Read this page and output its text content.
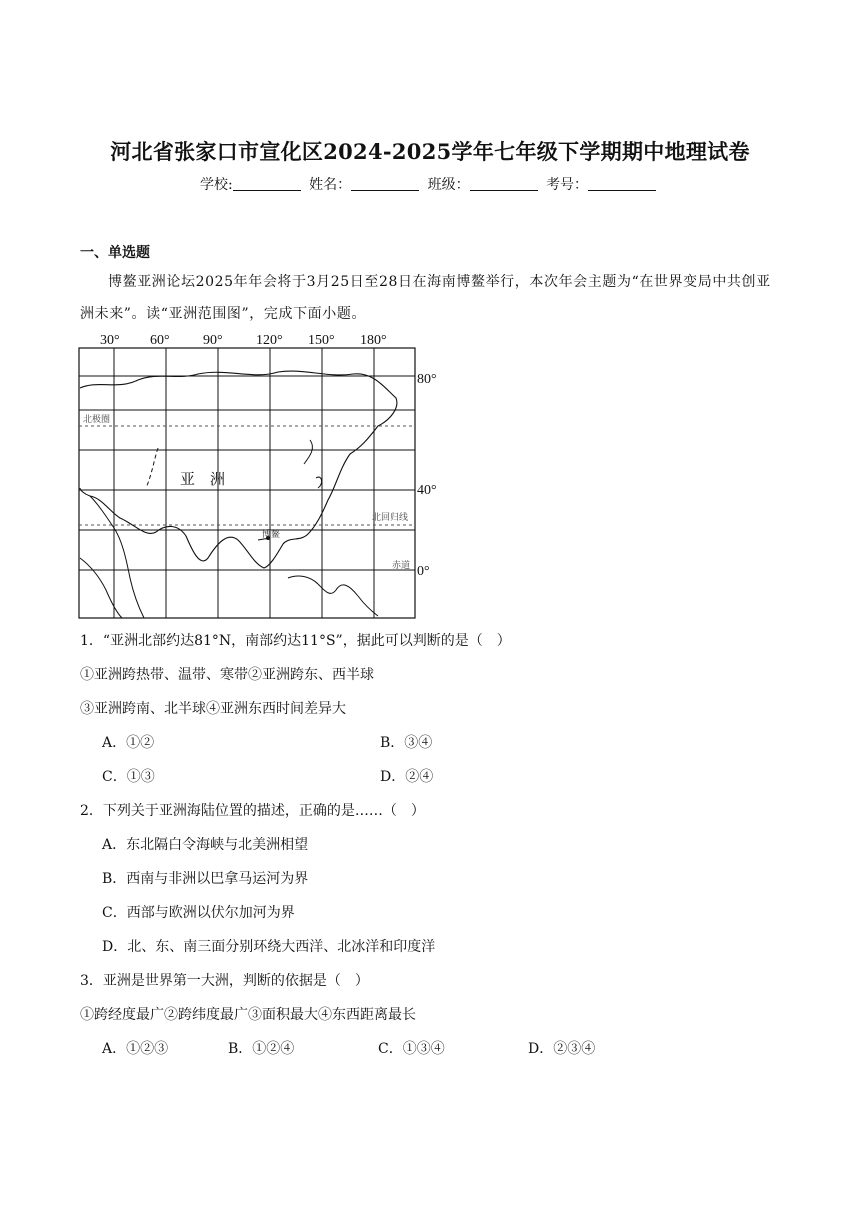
河北省张家口市宣化区2024-2025学年七年级下学期期中地理试卷
学校:	姓名：	班级：	考号：
一、单选题
博鳌亚洲论坛2025年年会将于3月25日至28日在海南博鳌举行，本次年会主题为“在世界变局中共创亚洲未来”。读“亚洲范围图”，完成下面小题。
30° 60° 90° 120° 150° 180°
80°
40°
0°
北极圈
北回归线
赤道
亚　洲
博鳌
1．“亚洲北部约达81°N，南部约达11°S”，据此可以判断的是（　）
①亚洲跨热带、温带、寒带②亚洲跨东、西半球
③亚洲跨南、北半球④亚洲东西时间差异大
A．①②	B．③④
C．①③	D．②④
2．下列关于亚洲海陆位置的描述，正确的是……（　）
A．东北隔白令海峡与北美洲相望
B．西南与非洲以巴拿马运河为界
C．西部与欧洲以伏尔加河为界
D．北、东、南三面分别环绕大西洋、北冰洋和印度洋
3．亚洲是世界第一大洲，判断的依据是（　）
①跨经度最广②跨纬度最广③面积最大④东西距离最长
A．①②③	B．①②④	C．①③④	D．②③④
